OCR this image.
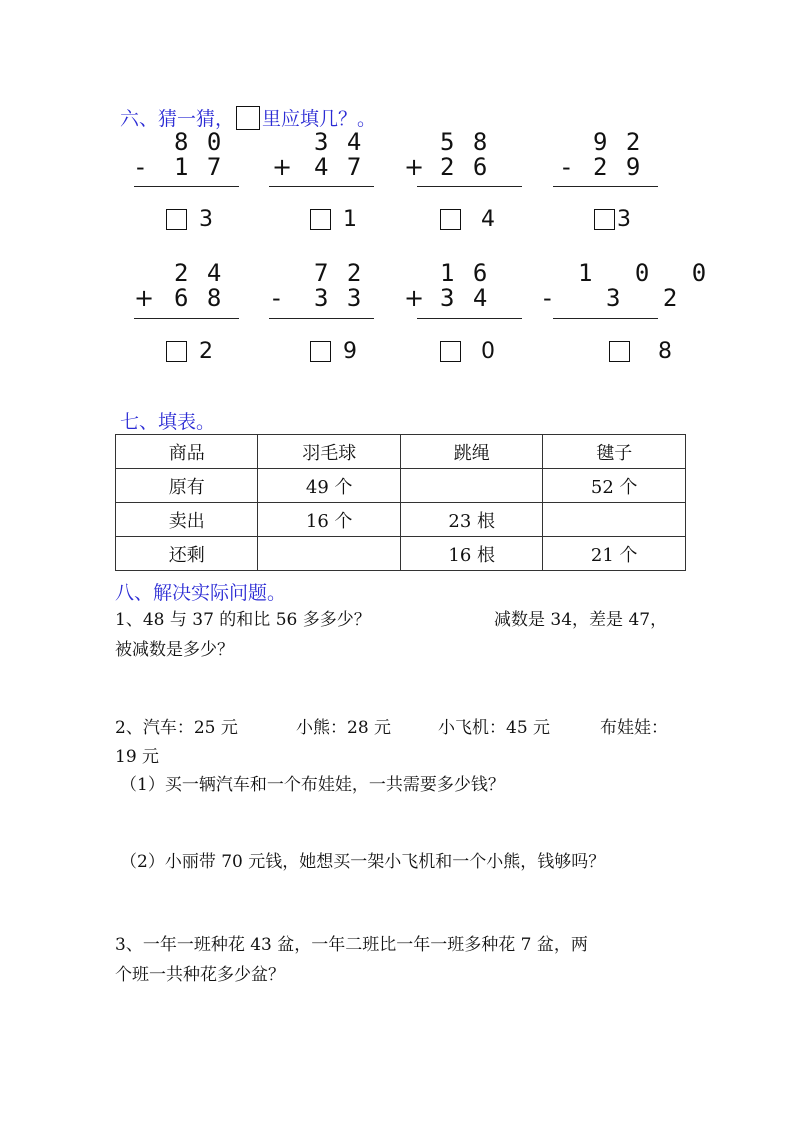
六、猜一猜， 里应填几？。
8 0
- 1 7
3
3 4
+ 4 7
1
5 8
+ 2 6
4
9 2
- 2 9
3
2 4
+ 6 8
2
7 2
- 3 3
9
1 6
+ 3 4
0
1 0 0
- 3 2
8
七、填表。
商品	羽毛球	跳绳	毽子
原有	49 个		52 个
卖出	16 个	23 根	
还剩		16 根	21 个
八、解决实际问题。
1、48 与 37 的和比 56 多多少？	减数是 34，差是 47，
被减数是多少？
2、汽车：25 元	小熊：28 元	小飞机：45 元	布娃娃：
19 元
（1）买一辆汽车和一个布娃娃，一共需要多少钱？
（2）小丽带 70 元钱，她想买一架小飞机和一个小熊，钱够吗？
3、一年一班种花 43 盆，一年二班比一年一班多种花 7 盆，两
个班一共种花多少盆？
